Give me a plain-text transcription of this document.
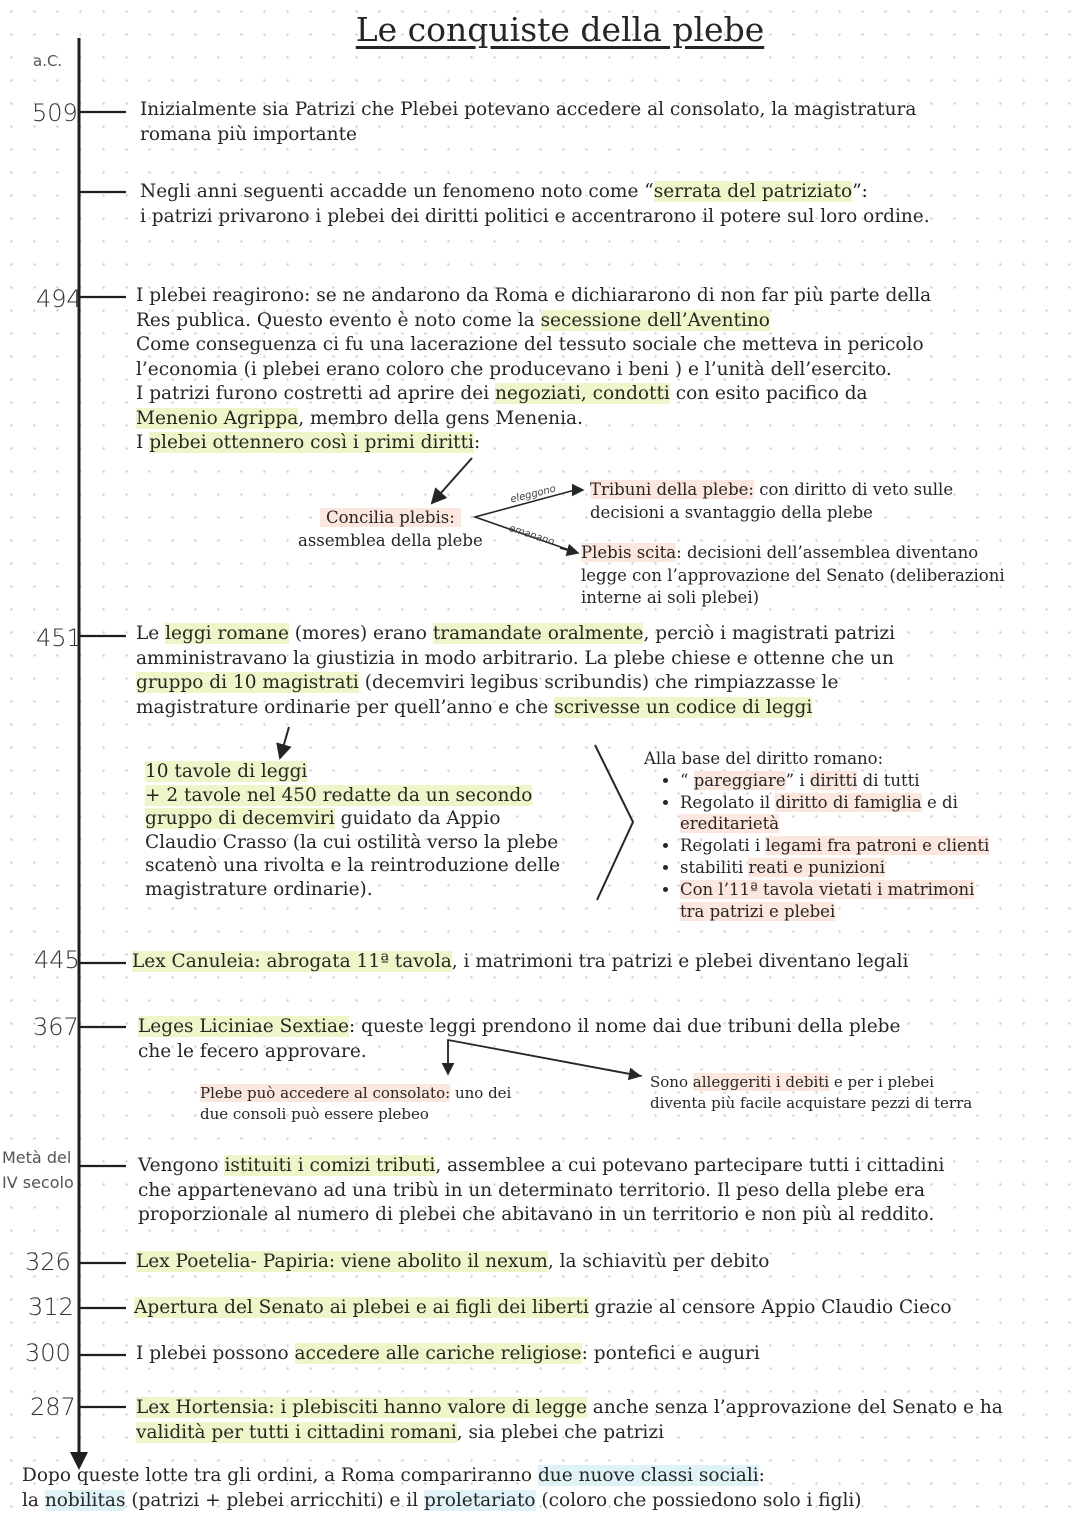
Le conquiste della plebe
a.C.
509
494
451
445
367
Metà del
IV secolo
326
312
300
287
Inizialmente sia Patrizi che Plebei potevano accedere al consolato, la magistratura
romana più importante
Negli anni seguenti accadde un fenomeno noto come “serrata del patriziato”:
i patrizi privarono i plebei dei diritti politici e accentrarono il potere sul loro ordine.
I plebei reagirono: se ne andarono da Roma e dichiararono di non far più parte della
Res publica. Questo evento è noto come la secessione dell’Aventino
Come conseguenza ci fu una lacerazione del tessuto sociale che metteva in pericolo
l’economia (i plebei erano coloro che producevano i beni ) e l’unità dell’esercito.
I patrizi furono costretti ad aprire dei negoziati, condotti con esito pacifico da
Menenio Agrippa, membro della gens Menenia.
I plebei ottennero così i primi diritti:
Concilia plebis:
assemblea della plebe
eleggono
emanano
Tribuni della plebe: con diritto di veto sulle
decisioni a svantaggio della plebe
Plebis scita: decisioni dell’assemblea diventano
legge con l’approvazione del Senato (deliberazioni
interne ai soli plebei)
Le leggi romane (mores) erano tramandate oralmente, perciò i magistrati patrizi
amministravano la giustizia in modo arbitrario. La plebe chiese e ottenne che un
gruppo di 10 magistrati (decemviri legibus scribundis) che rimpiazzasse le
magistrature ordinarie per quell’anno e che scrivesse un codice di leggi
10 tavole di leggi
+ 2 tavole nel 450 redatte da un secondo
gruppo di decemviri guidato da Appio
Claudio Crasso (la cui ostilità verso la plebe
scatenò una rivolta e la reintroduzione delle
magistrature ordinarie).
Alla base del diritto romano:
• “ pareggiare” i diritti di tutti
• Regolato il diritto di famiglia e di
ereditarietà
• Regolati i legami fra patroni e clienti
• stabiliti reati e punizioni
• Con l’11ª tavola vietati i matrimoni
tra patrizi e plebei
Lex Canuleia: abrogata 11ª tavola, i matrimoni tra patrizi e plebei diventano legali
Leges Liciniae Sextiae: queste leggi prendono il nome dai due tribuni della plebe
che le fecero approvare.
Plebe può accedere al consolato: uno dei
due consoli può essere plebeo
Sono alleggeriti i debiti e per i plebei
diventa più facile acquistare pezzi di terra
Vengono istituiti i comizi tributi, assemblee a cui potevano partecipare tutti i cittadini
che appartenevano ad una tribù in un determinato territorio. Il peso della plebe era
proporzionale al numero di plebei che abitavano in un territorio e non più al reddito.
Lex Poetelia- Papiria: viene abolito il nexum, la schiavitù per debito
Apertura del Senato ai plebei e ai figli dei liberti grazie al censore Appio Claudio Cieco
I plebei possono accedere alle cariche religiose: pontefici e auguri
Lex Hortensia: i plebisciti hanno valore di legge anche senza l’approvazione del Senato e ha
validità per tutti i cittadini romani, sia plebei che patrizi
Dopo queste lotte tra gli ordini, a Roma compariranno due nuove classi sociali:
la nobilitas (patrizi + plebei arricchiti) e il proletariato (coloro che possiedono solo i figli)
